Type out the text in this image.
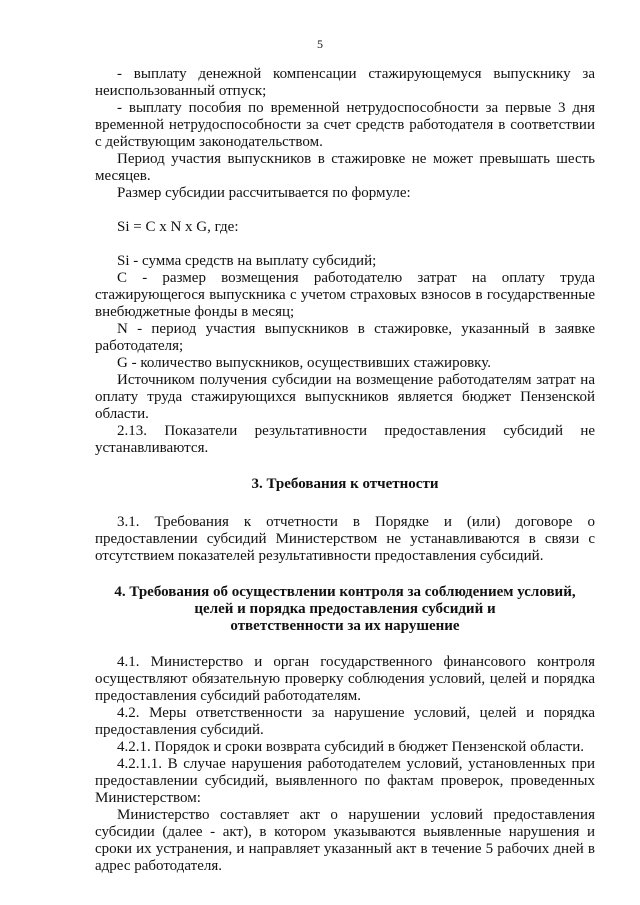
5

- выплату денежной компенсации стажирующемуся выпускнику за неиспользованный отпуск;

- выплату пособия по временной нетрудоспособности за первые 3 дня временной нетрудоспособности за счет средств работодателя в соответствии с действующим законодательством.

Период участия выпускников в стажировке не может превышать шесть месяцев.

Размер субсидии рассчитывается по формуле:

Si = C x N x G, где:

Si - сумма средств на выплату субсидий;

C - размер возмещения работодателю затрат на оплату труда стажирующегося выпускника с учетом страховых взносов в государственные внебюджетные фонды в месяц;

N - период участия выпускников в стажировке, указанный в заявке работодателя;

G - количество выпускников, осуществивших стажировку.

Источником получения субсидии на возмещение работодателям затрат на оплату труда стажирующихся выпускников является бюджет Пензенской области.

2.13. Показатели результативности предоставления субсидий не устанавливаются.

3. Требования к отчетности

3.1. Требования к отчетности в Порядке и (или) договоре о предоставлении субсидий Министерством не устанавливаются в связи с отсутствием показателей результативности предоставления субсидий.

4. Требования об осуществлении контроля за соблюдением условий,
целей и порядка предоставления субсидий и
ответственности за их нарушение

4.1. Министерство и орган государственного финансового контроля осуществляют обязательную проверку соблюдения условий, целей и порядка предоставления субсидий работодателям.

4.2. Меры ответственности за нарушение условий, целей и порядка предоставления субсидий.

4.2.1. Порядок и сроки возврата субсидий в бюджет Пензенской области.

4.2.1.1. В случае нарушения работодателем условий, установленных при предоставлении субсидий, выявленного по фактам проверок, проведенных Министерством:

Министерство составляет акт о нарушении условий предоставления субсидии (далее - акт), в котором указываются выявленные нарушения и сроки их устранения, и направляет указанный акт в течение 5 рабочих дней в адрес работодателя.
